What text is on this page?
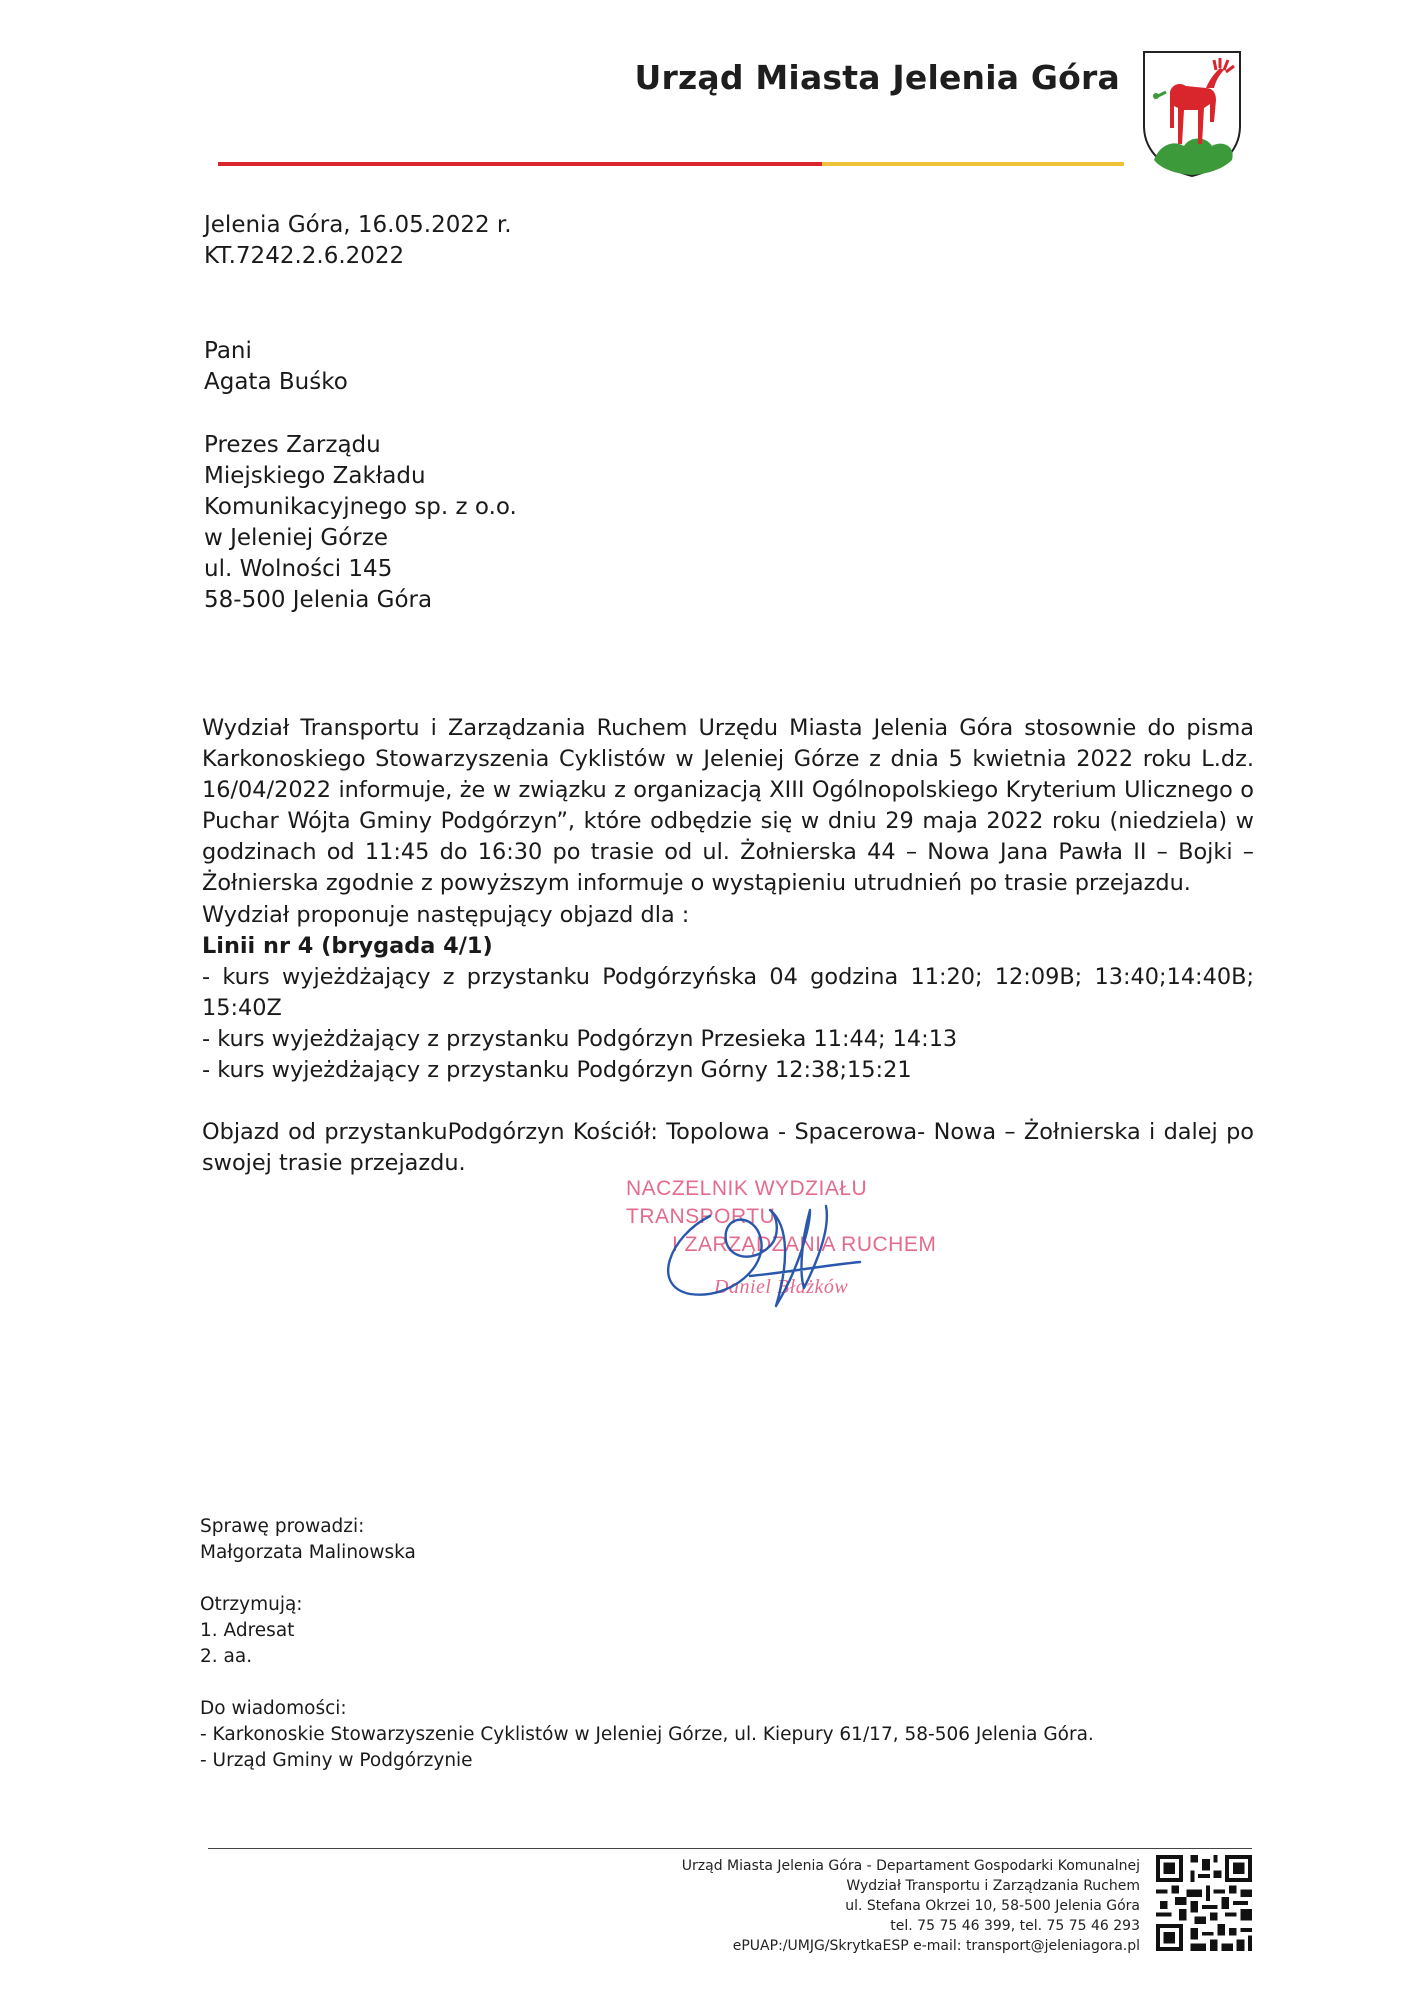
Urząd Miasta Jelenia Góra
Jelenia Góra, 16.05.2022 r.
KT.7242.2.6.2022
Pani
Agata Buśko
Prezes Zarządu
Miejskiego Zakładu
Komunikacyjnego sp. z o.o.
w Jeleniej Górze
ul. Wolności 145
58-500 Jelenia Góra
Wydział Transportu i Zarządzania Ruchem Urzędu Miasta Jelenia Góra stosownie do pisma Karkonoskiego Stowarzyszenia Cyklistów w Jeleniej Górze z dnia 5 kwietnia 2022 roku L.dz. 16/04/2022 informuje, że w związku z organizacją XIII Ogólnopolskiego Kryterium Ulicznego o Puchar Wójta Gminy Podgórzyn”, które odbędzie się w dniu 29 maja 2022 roku (niedziela) w godzinach od 11:45 do 16:30 po trasie od ul. Żołnierska 44 – Nowa Jana Pawła II – Bojki – Żołnierska zgodnie z powyższym informuje o wystąpieniu utrudnień po trasie przejazdu.
Wydział proponuje następujący objazd dla :
Linii nr 4 (brygada 4/1)
- kurs wyjeżdżający z przystanku Podgórzyńska 04 godzina 11:20; 12:09B; 13:40;14:40B; 15:40Z
- kurs wyjeżdżający z przystanku Podgórzyn Przesieka 11:44; 14:13
- kurs wyjeżdżający z przystanku Podgórzyn Górny 12:38;15:21
Objazd od przystankuPodgórzyn Kościół: Topolowa - Spacerowa- Nowa – Żołnierska i dalej po swojej trasie przejazdu.
NACZELNIK WYDZIAŁU TRANSPORTU
I ZARZĄDZANIA RUCHEM
Daniel Błażków
Sprawę prowadzi:
Małgorzata Malinowska
Otrzymują:
1. Adresat
2. aa.
Do wiadomości:
- Karkonoskie Stowarzyszenie Cyklistów w Jeleniej Górze, ul. Kiepury 61/17, 58-506 Jelenia Góra.
- Urząd Gminy w Podgórzynie
Urząd Miasta Jelenia Góra - Departament Gospodarki Komunalnej
Wydział Transportu i Zarządzania Ruchem
ul. Stefana Okrzei 10, 58-500 Jelenia Góra
tel. 75 75 46 399, tel. 75 75 46 293
ePUAP:/UMJG/SkrytkaESP e-mail: transport@jeleniagora.pl
